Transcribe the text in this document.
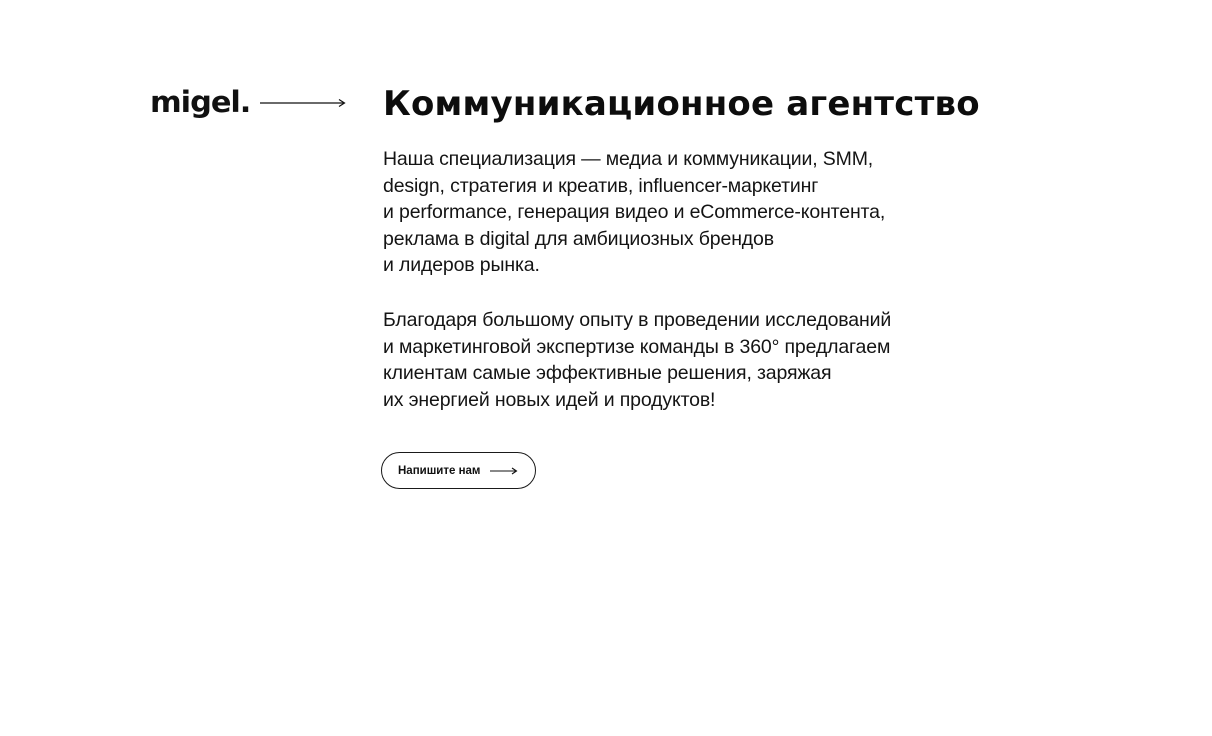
migel.	Коммуникационное агентство

Наша специализация — медиа и коммуникации, SMM,
design, стратегия и креатив, influencer-маркетинг
и performance, генерация видео и eCommerce-контента,
реклама в digital для амбициозных брендов
и лидеров рынка.

Благодаря большому опыту в проведении исследований
и маркетинговой экспертизе команды в 360° предлагаем
клиентам самые эффективные решения, заряжая
их энергией новых идей и продуктов!

Напишите нам
